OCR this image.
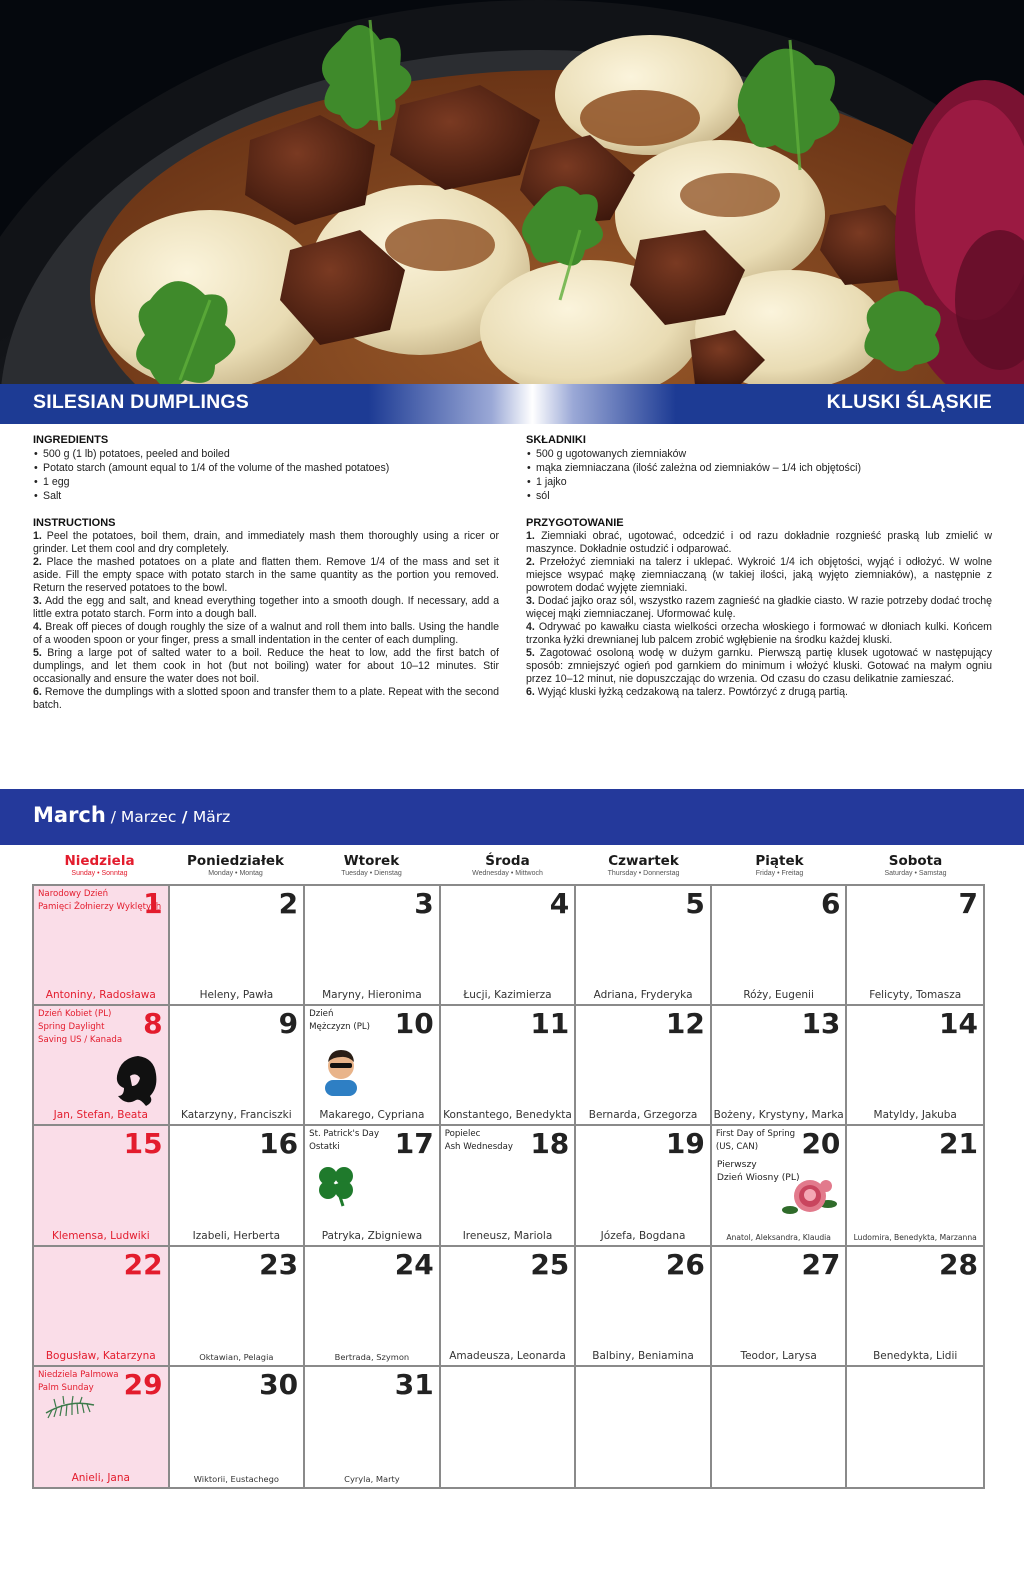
SILESIAN DUMPLINGS	KLUSKI ŚLĄSKIE
INGREDIENTS
• 500 g (1 lb) potatoes, peeled and boiled
• Potato starch (amount equal to 1/4 of the volume of the mashed potatoes)
• 1 egg
• Salt
INSTRUCTIONS

1. Peel the potatoes, boil them, drain, and immediately mash them thoroughly using a ricer or grinder. Let them cool and dry completely.

2. Place the mashed potatoes on a plate and flatten them. Remove 1/4 of the mass and set it aside. Fill the empty space with potato starch in the same quantity as the portion you removed. Return the reserved potatoes to the bowl.

3. Add the egg and salt, and knead everything together into a smooth dough. If necessary, add a little extra potato starch. Form into a dough ball.

4. Break off pieces of dough roughly the size of a walnut and roll them into balls. Using the handle of a wooden spoon or your finger, press a small indentation in the center of each dumpling.

5. Bring a large pot of salted water to a boil. Reduce the heat to low, add the first batch of dumplings, and let them cook in hot (but not boiling) water for about 10–12 minutes. Stir occasionally and ensure the water does not boil.

6. Remove the dumplings with a slotted spoon and transfer them to a plate. Repeat with the second batch.

SKŁADNIKI
• 500 g ugotowanych ziemniaków
• mąka ziemniaczana (ilość zależna od ziemniaków – 1/4 ich objętości)
• 1 jajko
• sól
PRZYGOTOWANIE

1. Ziemniaki obrać, ugotować, odcedzić i od razu dokładnie rozgnieść praską lub zmielić w maszynce. Dokładnie ostudzić i odparować.

2. Przełożyć ziemniaki na talerz i uklepać. Wykroić 1/4 ich objętości, wyjąć i odłożyć. W wolne miejsce wsypać mąkę ziemniaczaną (w takiej ilości, jaką wyjęto ziemniaków), a następnie z powrotem dodać wyjęte ziemniaki.

3. Dodać jajko oraz sól, wszystko razem zagnieść na gładkie ciasto. W razie potrzeby dodać trochę więcej mąki ziemniaczanej. Uformować kulę.

4. Odrywać po kawałku ciasta wielkości orzecha włoskiego i formować w dłoniach kulki. Końcem trzonka łyżki drewnianej lub palcem zrobić wgłębienie na środku każdej kluski.

5. Zagotować osoloną wodę w dużym garnku. Pierwszą partię klusek ugotować w następujący sposób: zmniejszyć ogień pod garnkiem do minimum i włożyć kluski. Gotować na małym ogniu przez 10–12 minut, nie dopuszczając do wrzenia. Od czasu do czasu delikatnie zamieszać.

6. Wyjąć kluski łyżką cedzakową na talerz. Powtórzyć z drugą partią.

March / Marzec / März
Niedziela
Sunday • Sonntag
Poniedziałek
Monday • Montag
Wtorek
Tuesday • Dienstag
Środa
Wednesday • Mittwoch
Czwartek
Thursday • Donnerstag
Piątek
Friday • Freitag
Sobota
Saturday • Samstag
1
Narodowy Dzień
Pamięci Żołnierzy Wyklętych
Antoniny, Radosława
2
Heleny, Pawła
3
Maryny, Hieronima
4
Łucji, Kazimierza
5
Adriana, Fryderyka
6
Róży, Eugenii
7
Felicyty, Tomasza
8
Dzień Kobiet (PL)
Spring Daylight
Saving US / Kanada
Jan, Stefan, Beata
9
Katarzyny, Franciszki
10
Dzień
Mężczyzn (PL)
Makarego, Cypriana
11
Konstantego, Benedykta
12
Bernarda, Grzegorza
13
Bożeny, Krystyny, Marka
14
Matyldy, Jakuba
15
Klemensa, Ludwiki
16
Izabeli, Herberta
17
St. Patrick's Day
Ostatki
Patryka, Zbigniewa
18
Popielec
Ash Wednesday
Ireneusz, Mariola
19
Józefa, Bogdana
20
First Day of Spring
(US, CAN)
Pierwszy
Dzień Wiosny (PL)
Anatol, Aleksandra, Klaudia
21
Ludomira, Benedykta, Marzanna
22
Bogusław, Katarzyna
23
Oktawian, Pelagia
24
Bertrada, Szymon
25
Amadeusza, Leonarda
26
Balbiny, Beniamina
27
Teodor, Larysa
28
Benedykta, Lidii
29
Niedziela Palmowa
Palm Sunday
Anieli, Jana
30
Wiktorii, Eustachego
31
Cyryla, Marty
